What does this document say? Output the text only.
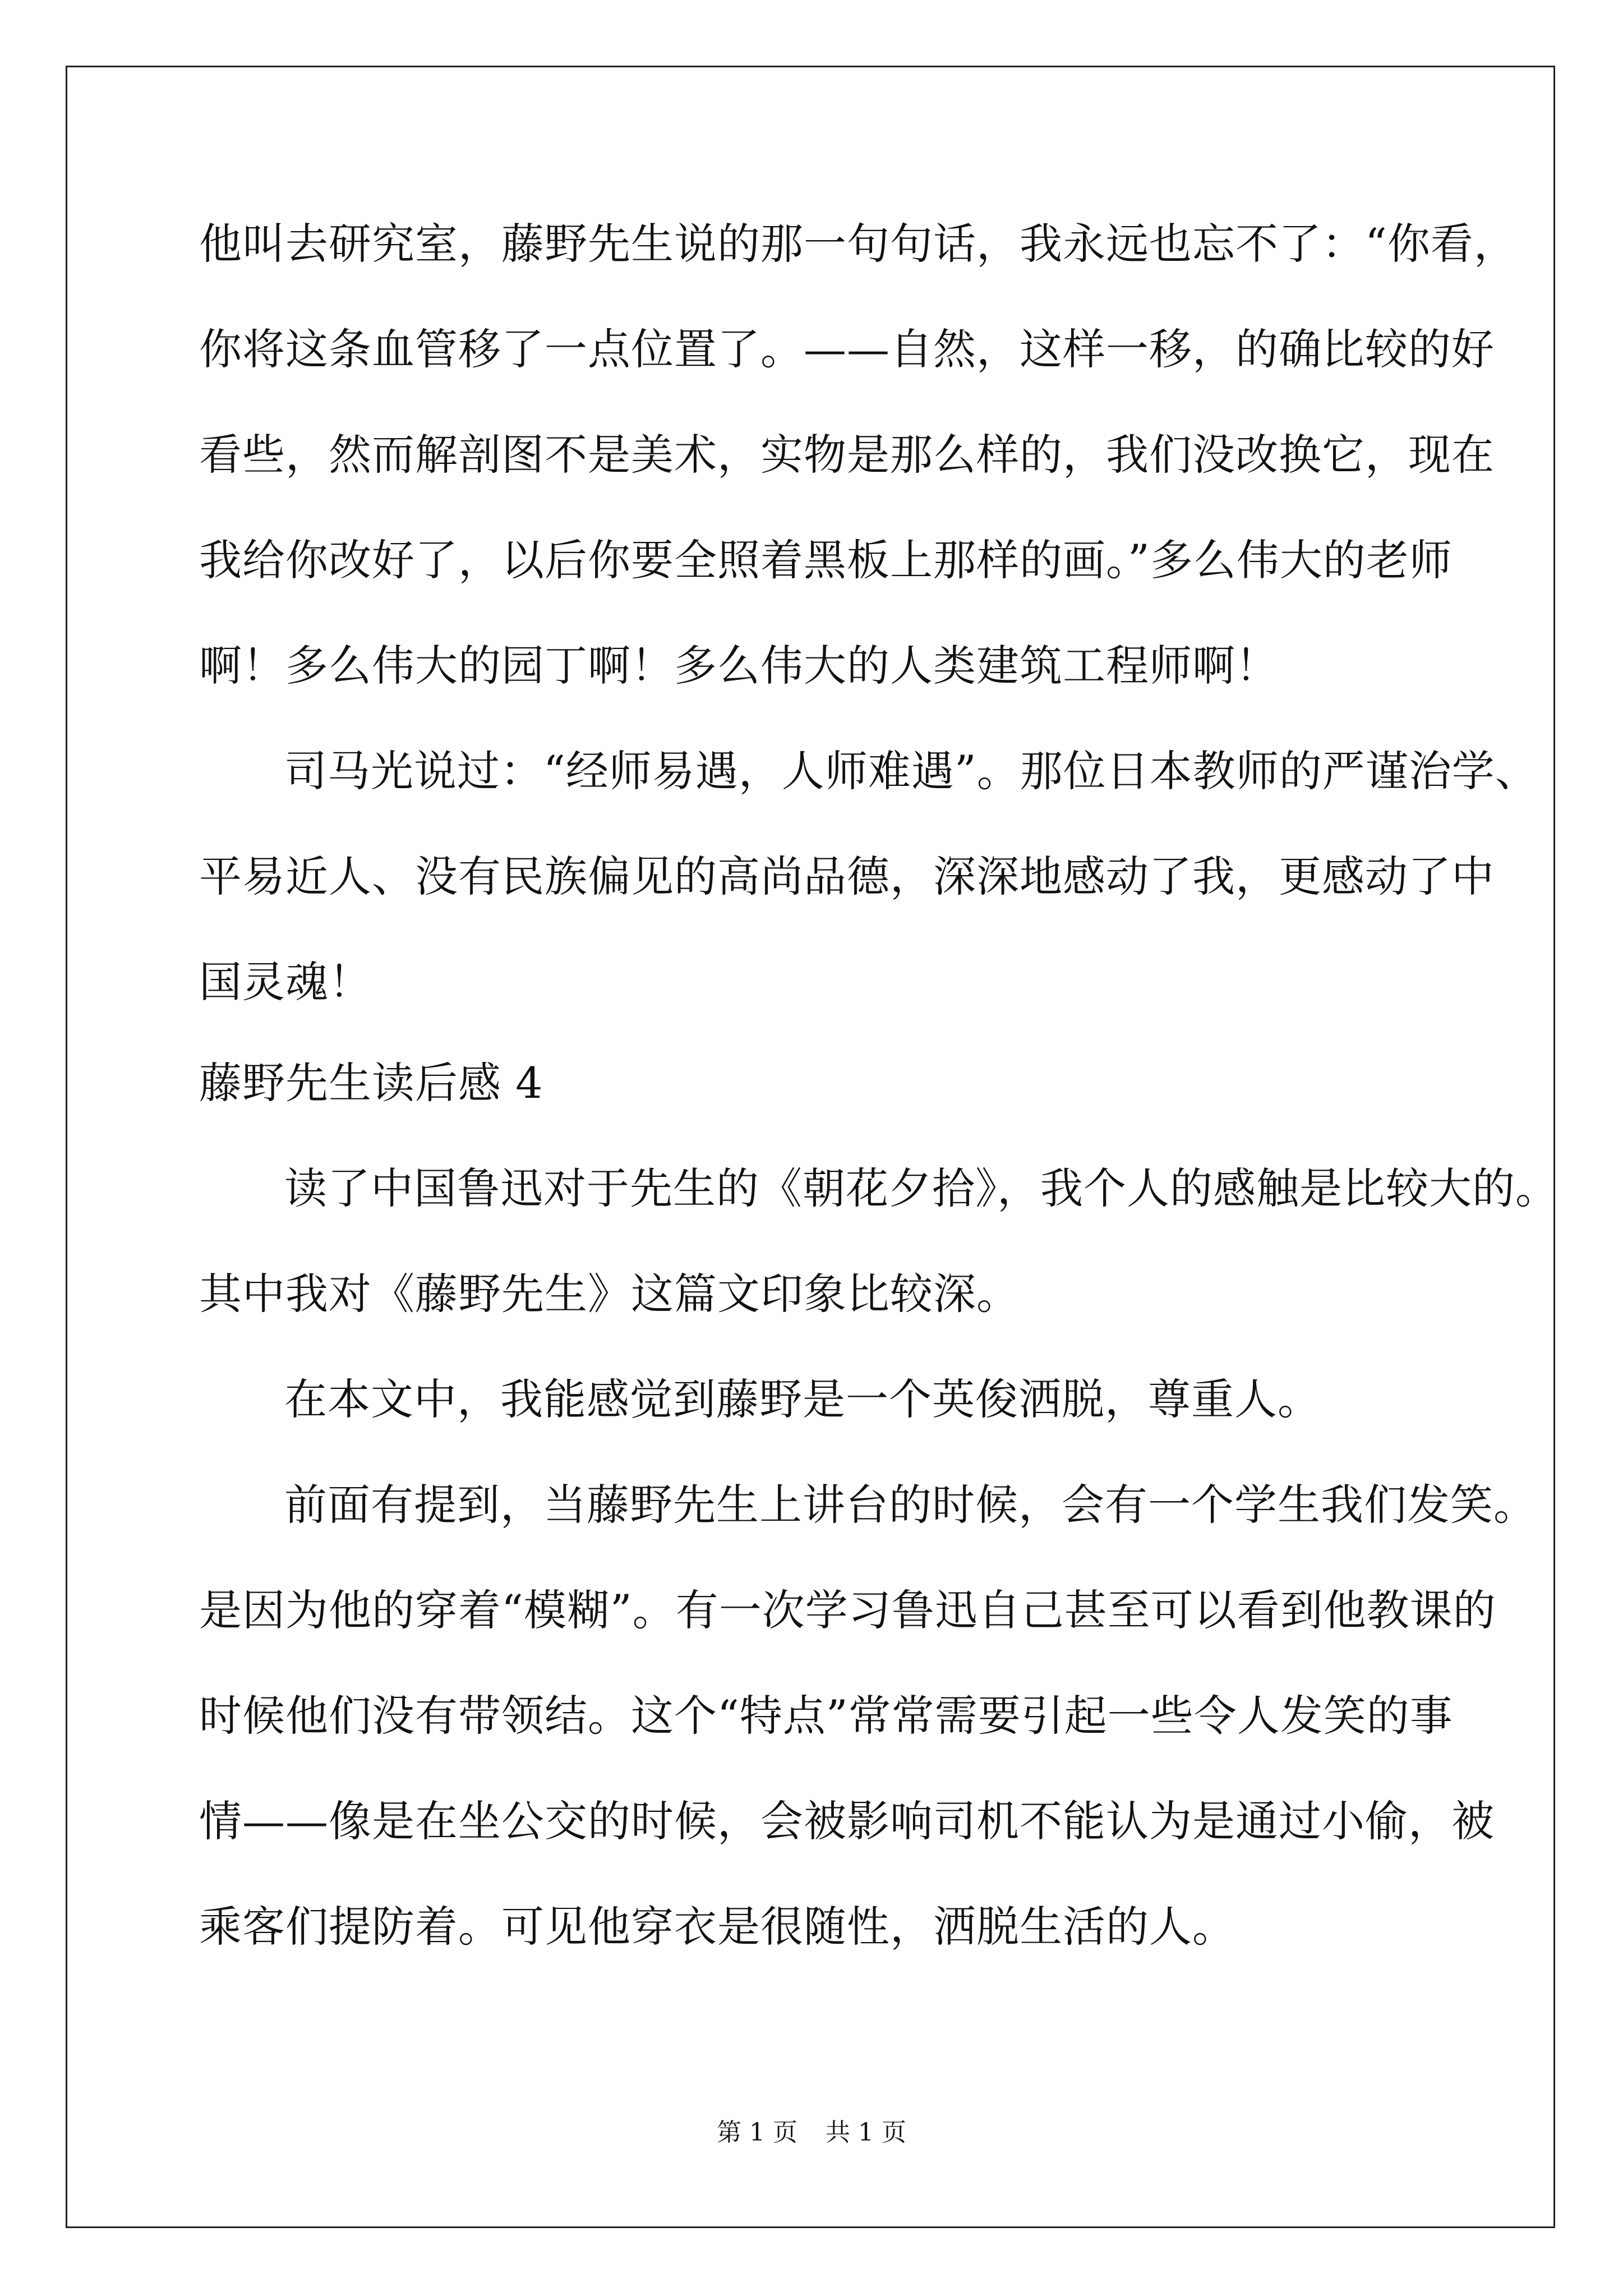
他叫去研究室，藤野先生说的那一句句话，我永远也忘不了：“你看，
你将这条血管移了一点位置了。——自然，这样一移，的确比较的好
看些，然而解剖图不是美术，实物是那么样的，我们没改换它，现在
我给你改好了，以后你要全照着黑板上那样的画。”多么伟大的老师
啊！多么伟大的园丁啊！多么伟大的人类建筑工程师啊！
司马光说过：“经师易遇，人师难遇”。那位日本教师的严谨治学、
平易近人、没有民族偏见的高尚品德，深深地感动了我，更感动了中
国灵魂！
藤野先生读后感 4
读了中国鲁迅对于先生的《朝花夕拾》，我个人的感触是比较大的。
其中我对《藤野先生》这篇文印象比较深。
在本文中，我能感觉到藤野是一个英俊洒脱，尊重人。
前面有提到，当藤野先生上讲台的时候，会有一个学生我们发笑。
是因为他的穿着“模糊”。有一次学习鲁迅自己甚至可以看到他教课的
时候他们没有带领结。这个“特点”常常需要引起一些令人发笑的事
情——像是在坐公交的时候，会被影响司机不能认为是通过小偷，被
乘客们提防着。可见他穿衣是很随性，洒脱生活的人。
第 1 页 共 1 页
